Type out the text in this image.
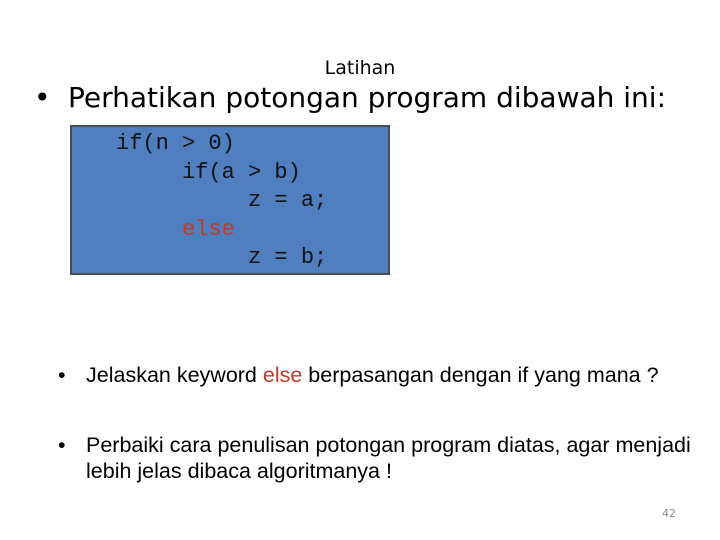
Latihan
• Perhatikan potongan program dibawah ini:
if(n > 0)
if(a > b)
z = a;
else
z = b;
• Jelaskan keyword else berpasangan dengan if yang mana ?
• Perbaiki cara penulisan potongan program diatas, agar menjadi lebih jelas dibaca algoritmanya !
42
